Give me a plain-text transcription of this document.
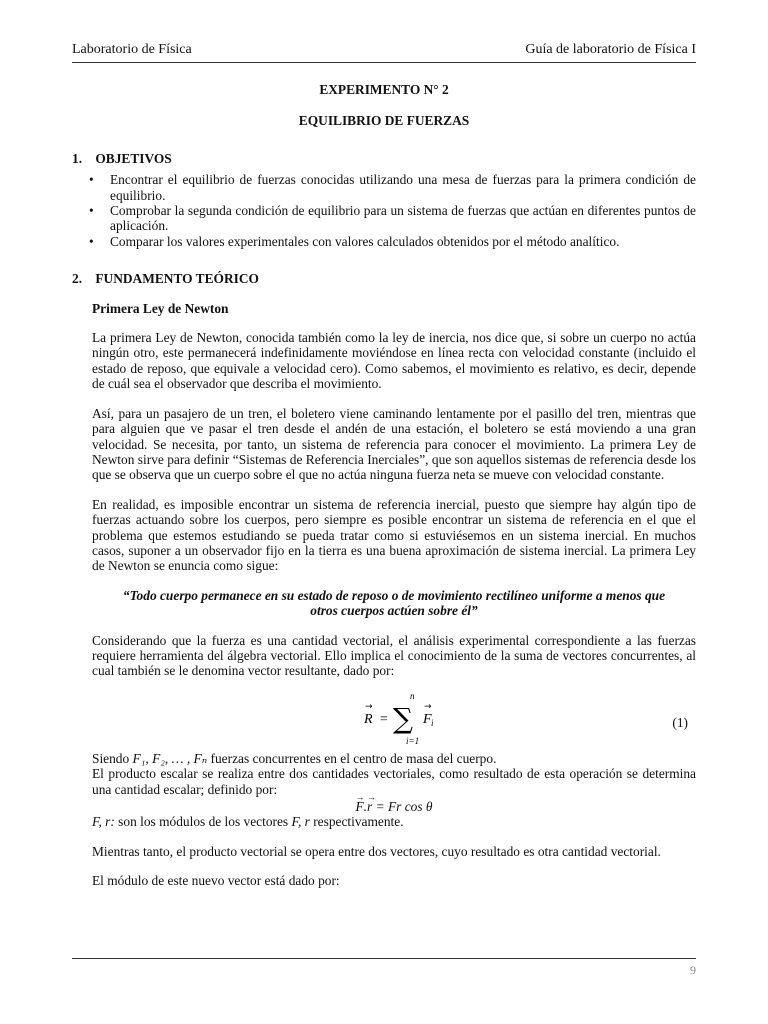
Laboratorio de Física	Guía de laboratorio de Física I
EXPERIMENTO N° 2
EQUILIBRIO DE FUERZAS
1. OBJETIVOS
• Encontrar el equilibrio de fuerzas conocidas utilizando una mesa de fuerzas para la primera condición de equilibrio.
• Comprobar la segunda condición de equilibrio para un sistema de fuerzas que actúan en diferentes puntos de aplicación.
• Comparar los valores experimentales con valores calculados obtenidos por el método analítico.
2. FUNDAMENTO TEÓRICO
Primera Ley de Newton

La primera Ley de Newton, conocida también como la ley de inercia, nos dice que, si sobre un cuerpo no actúa ningún otro, este permanecerá indefinidamente moviéndose en línea recta con velocidad constante (incluido el estado de reposo, que equivale a velocidad cero). Como sabemos, el movimiento es relativo, es decir, depende de cuál sea el observador que describa el movimiento.

Así, para un pasajero de un tren, el boletero viene caminando lentamente por el pasillo del tren, mientras que para alguien que ve pasar el tren desde el andén de una estación, el boletero se está moviendo a una gran velocidad. Se necesita, por tanto, un sistema de referencia para conocer el movimiento. La primera Ley de Newton sirve para definir “Sistemas de Referencia Inerciales”, que son aquellos sistemas de referencia desde los que se observa que un cuerpo sobre el que no actúa ninguna fuerza neta se mueve con velocidad constante.

En realidad, es imposible encontrar un sistema de referencia inercial, puesto que siempre hay algún tipo de fuerzas actuando sobre los cuerpos, pero siempre es posible encontrar un sistema de referencia en el que el problema que estemos estudiando se pueda tratar como si estuviésemos en un sistema inercial. En muchos casos, suponer a un observador fijo en la tierra es una buena aproximación de sistema inercial. La primera Ley de Newton se enuncia como sigue:

“Todo cuerpo permanece en su estado de reposo o de movimiento rectilíneo uniforme a menos que otros cuerpos actúen sobre él”

Considerando que la fuerza es una cantidad vectorial, el análisis experimental correspondiente a las fuerzas requiere herramienta del álgebra vectorial. Ello implica el conocimiento de la suma de vectores concurrentes, al cual también se le denomina vector resultante, dado por:

n
R
→
= ∑
i=1
F i
→
(1)

Siendo F₁, F₂, … , Fₙ fuerzas concurrentes en el centro de masa del cuerpo.

El producto escalar se realiza entre dos cantidades vectoriales, como resultado de esta operación se determina una cantidad escalar; definido por:

→ F.→ r = Fr cos θ

F, r: son los módulos de los vectores F, r respectivamente.

Mientras tanto, el producto vectorial se opera entre dos vectores, cuyo resultado es otra cantidad vectorial.

El módulo de este nuevo vector está dado por:

9
